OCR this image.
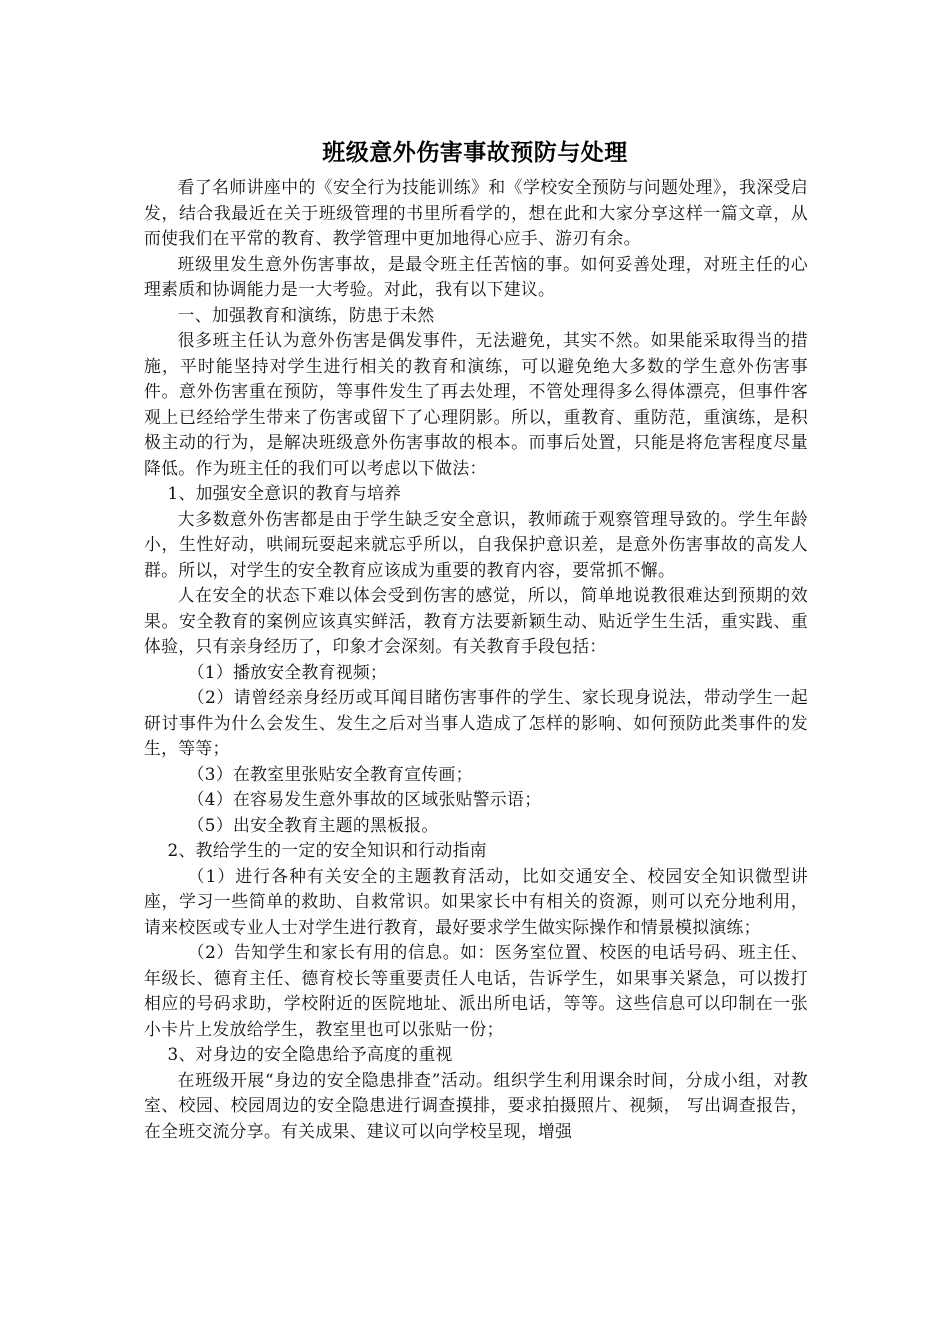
班级意外伤害事故预防与处理

看了名师讲座中的《安全行为技能训练》和《学校安全预防与问题处理》，我深受启发，结合我最近在关于班级管理的书里所看学的，想在此和大家分享这样一篇文章，从而使我们在平常的教育、教学管理中更加地得心应手、游刃有余。

班级里发生意外伤害事故，是最令班主任苦恼的事。如何妥善处理，对班主任的心理素质和协调能力是一大考验。对此，我有以下建议。

一、加强教育和演练，防患于未然

很多班主任认为意外伤害是偶发事件，无法避免，其实不然。如果能采取得当的措施，平时能坚持对学生进行相关的教育和演练，可以避免绝大多数的学生意外伤害事件。意外伤害重在预防，等事件发生了再去处理，不管处理得多么得体漂亮，但事件客观上已经给学生带来了伤害或留下了心理阴影。所以，重教育、重防范，重演练，是积极主动的行为，是解决班级意外伤害事故的根本。而事后处置，只能是将危害程度尽量降低。作为班主任的我们可以考虑以下做法：

1、加强安全意识的教育与培养

大多数意外伤害都是由于学生缺乏安全意识，教师疏于观察管理导致的。学生年龄小，生性好动，哄闹玩耍起来就忘乎所以，自我保护意识差，是意外伤害事故的高发人群。所以，对学生的安全教育应该成为重要的教育内容，要常抓不懈。

人在安全的状态下难以体会受到伤害的感觉，所以，简单地说教很难达到预期的效果。安全教育的案例应该真实鲜活，教育方法要新颖生动、贴近学生生活，重实践、重体验，只有亲身经历了，印象才会深刻。有关教育手段包括：

（1）播放安全教育视频；

（2）请曾经亲身经历或耳闻目睹伤害事件的学生、家长现身说法，带动学生一起研讨事件为什么会发生、发生之后对当事人造成了怎样的影响、如何预防此类事件的发生，等等；

（3）在教室里张贴安全教育宣传画；

（4）在容易发生意外事故的区域张贴警示语；

（5）出安全教育主题的黑板报。

2、教给学生的一定的安全知识和行动指南

（1）进行各种有关安全的主题教育活动，比如交通安全、校园安全知识微型讲座，学习一些简单的救助、自救常识。如果家长中有相关的资源，则可以充分地利用，请来校医或专业人士对学生进行教育，最好要求学生做实际操作和情景模拟演练；

（2）告知学生和家长有用的信息。如：医务室位置、校医的电话号码、班主任、年级长、德育主任、德育校长等重要责任人电话，告诉学生，如果事关紧急，可以拨打相应的号码求助，学校附近的医院地址、派出所电话，等等。这些信息可以印制在一张小卡片上发放给学生，教室里也可以张贴一份；

3、对身边的安全隐患给予高度的重视

在班级开展“身边的安全隐患排查”活动。组织学生利用课余时间，分成小组，对教室、校园、校园周边的安全隐患进行调查摸排，要求拍摄照片、视频， 写出调查报告，在全班交流分享。有关成果、建议可以向学校呈现，增强
